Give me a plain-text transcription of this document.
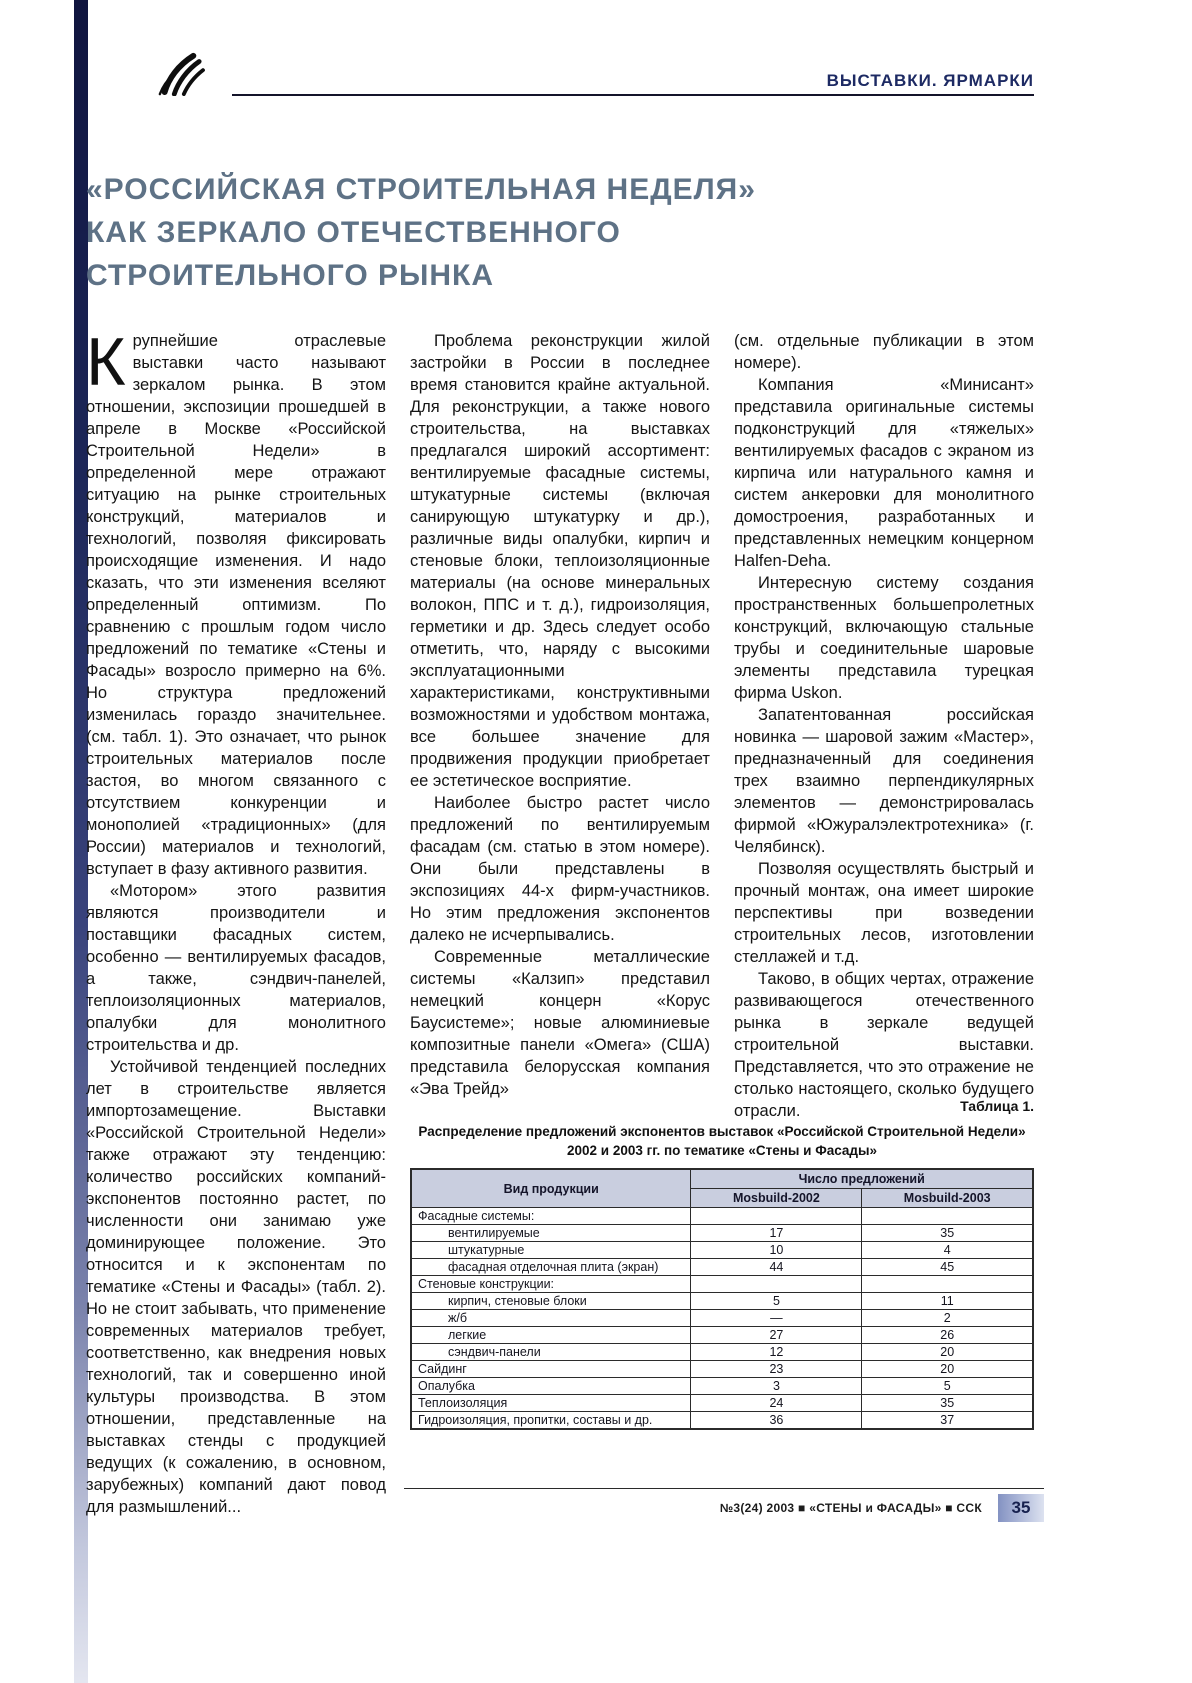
ВЫСТАВКИ. ЯРМАРКИ
«РОССИЙСКАЯ СТРОИТЕЛЬНАЯ НЕДЕЛЯ»
КАК ЗЕРКАЛО ОТЕЧЕСТВЕННОГО
СТРОИТЕЛЬНОГО РЫНКА

Крупнейшие отраслевые выставки часто называют зеркалом рынка. В этом отношении, экспозиции прошедшей в апреле в Москве «Российской Строительной Недели» в определенной мере отражают ситуацию на рынке строительных конструкций, материалов и технологий, позволяя фиксировать происходящие изменения. И надо сказать, что эти изменения вселяют определенный оптимизм. По сравнению с прошлым годом число предложений по тематике «Стены и Фасады» возросло примерно на 6%. Но структура предложений изменилась гораздо значительнее. (см. табл. 1). Это означает, что рынок строительных материалов после застоя, во многом связанного с отсутствием конкуренции и монополией «традиционных» (для России) материалов и технологий, вступает в фазу активного развития.

«Мотором» этого развития являются производители и поставщики фасадных систем, особенно — вентилируемых фасадов, а также, сэндвич-панелей, теплоизоляционных материалов, опалубки для монолитного строительства и др.

Устойчивой тенденцией последних лет в строительстве является импортозамещение. Выставки «Российской Строительной Недели» также отражают эту тенденцию: количество российских компаний-экспонентов постоянно растет, по численности они занимаю уже доминирующее положение. Это относится и к экспонентам по тематике «Стены и Фасады» (табл. 2). Но не стоит забывать, что применение современных материалов требует, соответственно, как внедрения новых технологий, так и совершенно иной культуры производства. В этом отношении, представленные на выставках стенды с продукцией ведущих (к сожалению, в основном, зарубежных) компаний дают повод для размышлений...

Проблема реконструкции жилой застройки в России в последнее время становится крайне актуальной. Для реконструкции, а также нового строительства, на выставках предлагался широкий ассортимент: вентилируемые фасадные системы, штукатурные системы (включая санирующую штукатурку и др.), различные виды опалубки, кирпич и стеновые блоки, теплоизоляционные материалы (на основе минеральных волокон, ППС и т. д.), гидроизоляция, герметики и др. Здесь следует особо отметить, что, наряду с высокими эксплуатационными характеристиками, конструктивными возможностями и удобством монтажа, все большее значение для продвижения продукции приобретает ее эстетическое восприятие.

Наиболее быстро растет число предложений по вентилируемым фасадам (см. статью в этом номере). Они были представлены в экспозициях 44-х фирм-участников. Но этим предложения экспонентов далеко не исчерпывались.

Современные металлические системы «Калзип» представил немецкий концерн «Корус Баусистеме»; новые алюминиевые композитные панели «Омега» (США) представила белорусская компания «Эва Трейд»

(см. отдельные публикации в этом номере).

Компания «Минисант» представила оригинальные системы подконструкций для «тяжелых» вентилируемых фасадов с экраном из кирпича или натурального камня и систем анкеровки для монолитного домостроения, разработанных и представленных немецким концерном Halfen-Deha.

Интересную систему создания пространственных большепролетных конструкций, включающую стальные трубы и соединительные шаровые элементы представила турецкая фирма Uskon.

Запатентованная российская новинка — шаровой зажим «Мастер», предназначенный для соединения трех взаимно перпендикулярных элементов — демонстрировалась фирмой «Южуралэлектротехника» (г. Челябинск).

Позволяя осуществлять быстрый и прочный монтаж, она имеет широкие перспективы при возведении строительных лесов, изготовлении стеллажей и т.д.

Таково, в общих чертах, отражение развивающегося отечественного рынка в зеркале ведущей строительной выставки. Представляется, что это отражение не столько настоящего, сколько будущего отрасли.	Таблица 1.
Распределение предложений экспонентов выставок «Российской Строительной Недели»
2002 и 2003 гг. по тематике «Стены и Фасады»
Вид продукции	Число предложений	
	Mosbuild-2002	Mosbuild-2003
Фасадные системы:		
вентилируемые	17	35
штукатурные	10	4
фасадная отделочная плита (экран)	44	45
Стеновые конструкции:		
кирпич, стеновые блоки	5	11
ж/б	—	2
легкие	27	26
сэндвич-панели	12	20
Сайдинг	23	20
Опалубка	3	5
Теплоизоляция	24	35
Гидроизоляция, пропитки, составы и др.	36	37
№3(24) 2003 ■ «СТЕНЫ и ФАСАДЫ» ■ ССК	35
